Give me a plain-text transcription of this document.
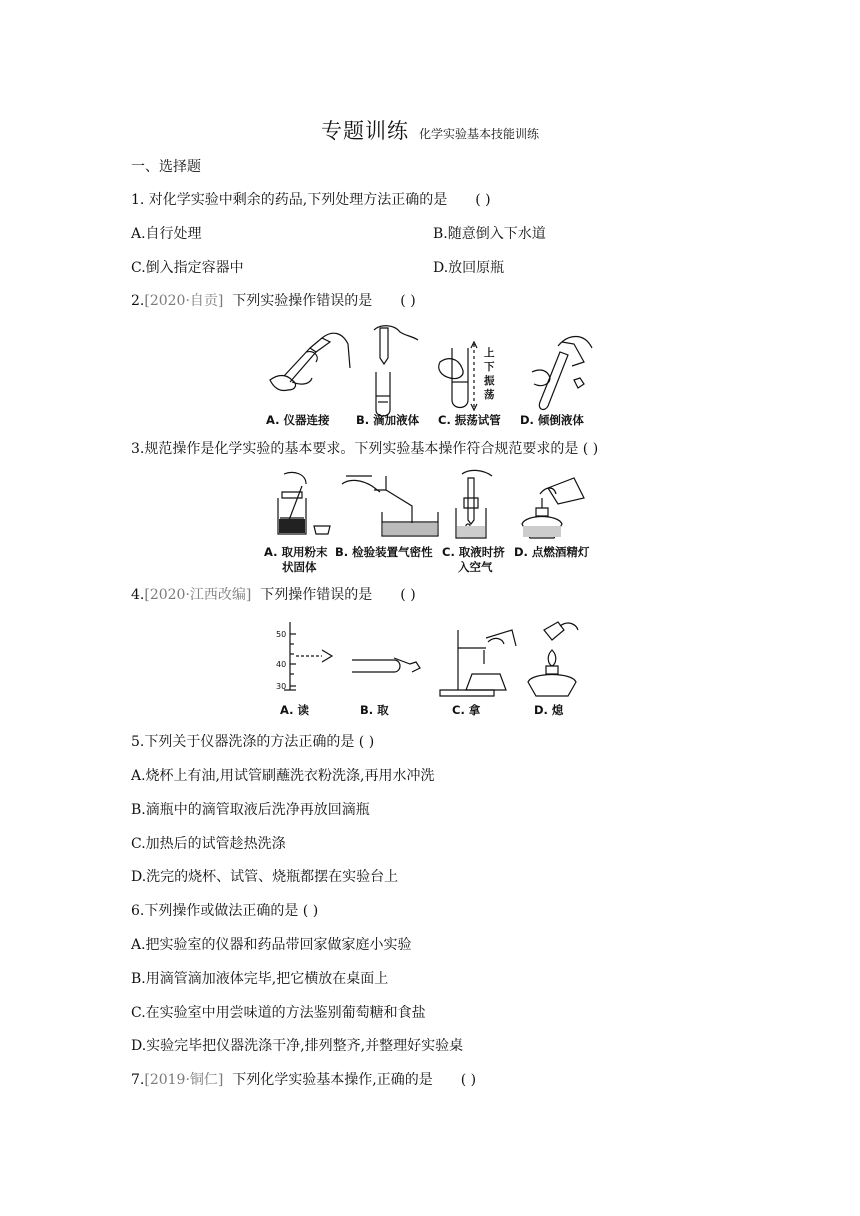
专题训练 化学实验基本技能训练
一、选择题
1. 对化学实验中剩余的药品,下列处理方法正确的是 ( )
A.自行处理	B.随意倒入下水道
C.倒入指定容器中	D.放回原瓶
2.[2020·自贡] 下列实验操作错误的是 ( )
上
下
振
荡
A. 仪器连接 B. 滴加液体 C. 振荡试管 D. 倾倒液体
3.规范操作是化学实验的基本要求。下列实验基本操作符合规范要求的是 ( )
A. 取用粉末
状固体
B. 检验装置气密性 C. 取液时挤
入空气
D. 点燃酒精灯
4.[2020·江西改编] 下列操作错误的是 ( )
50
40
30
A. 读	B. 取	C. 拿	D. 熄
5.下列关于仪器洗涤的方法正确的是 ( )
A.烧杯上有油,用试管刷蘸洗衣粉洗涤,再用水冲洗
B.滴瓶中的滴管取液后洗净再放回滴瓶
C.加热后的试管趁热洗涤
D.洗完的烧杯、试管、烧瓶都摆在实验台上
6.下列操作或做法正确的是 ( )
A.把实验室的仪器和药品带回家做家庭小实验
B.用滴管滴加液体完毕,把它横放在桌面上
C.在实验室中用尝味道的方法鉴别葡萄糖和食盐
D.实验完毕把仪器洗涤干净,排列整齐,并整理好实验桌
7.[2019·铜仁] 下列化学实验基本操作,正确的是 ( )
